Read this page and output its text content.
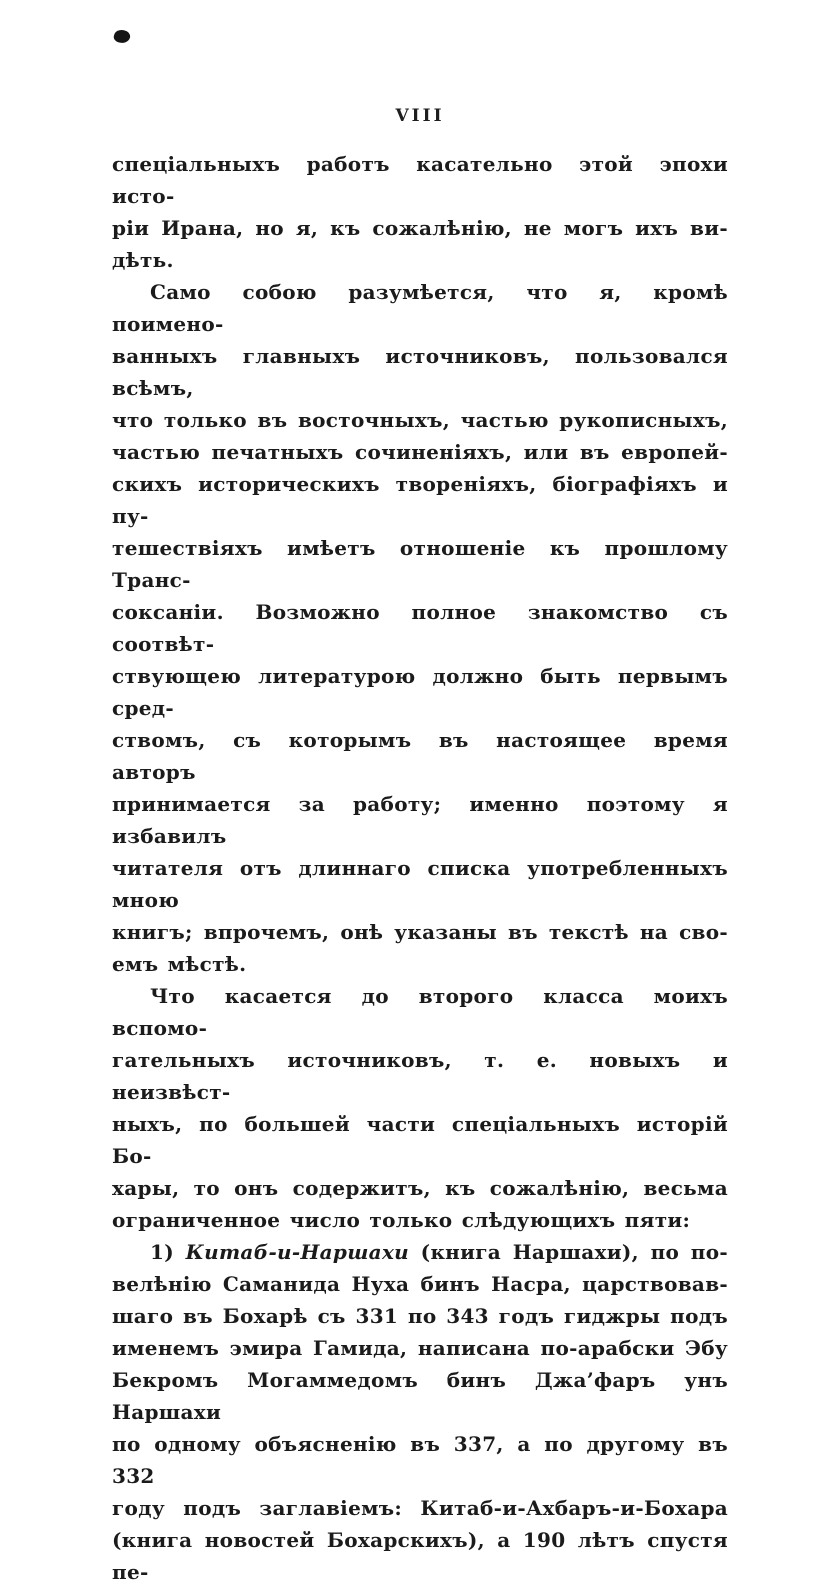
VIII

спеціальныхъ работъ касательно этой эпохи исто-
ріи Ирана, но я, къ сожалѣнію, не могъ ихъ ви-
дѣть.

Само собою разумѣется, что я, кромѣ поимено-
ванныхъ главныхъ источниковъ, пользовался всѣмъ,
что только въ восточныхъ, частью рукописныхъ,
частью печатныхъ сочиненіяхъ, или въ европей-
скихъ историческихъ твореніяхъ, біографіяхъ и пу-
тешествіяхъ имѣетъ отношеніе къ прошлому Транс-
соксаніи. Возможно полное знакомство съ соотвѣт-
ствующею литературою должно быть первымъ сред-
ствомъ, съ которымъ въ настоящее время авторъ
принимается за работу; именно поэтому я избавилъ
читателя отъ длиннаго списка употребленныхъ мною
книгъ; впрочемъ, онѣ указаны въ текстѣ на сво-
емъ мѣстѣ.

Что касается до второго класса моихъ вспомо-
гательныхъ источниковъ, т. е. новыхъ и неизвѣст-
ныхъ, по большей части спеціальныхъ исторій Бо-
хары, то онъ содержитъ, къ сожалѣнію, весьма
ограниченное число только слѣдующихъ пяти:

1) Китаб-и-Наршахи (книга Наршахи), по по-
велѣнію Саманида Нуха бинъ Насра, царствовав-
шаго въ Бохарѣ съ 331 по 343 годъ гиджры подъ
именемъ эмира Гамида, написана по-арабски Эбу
Бекромъ Могаммедомъ бинъ Джа’фаръ унъ Наршахи
по одному объясненію въ 337, а по другому въ 332
году подъ заглавіемъ: Китаб-и-Ахбаръ-и-Бохара
(книга новостей Бохарскихъ), а 190 лѣтъ спустя пе-
